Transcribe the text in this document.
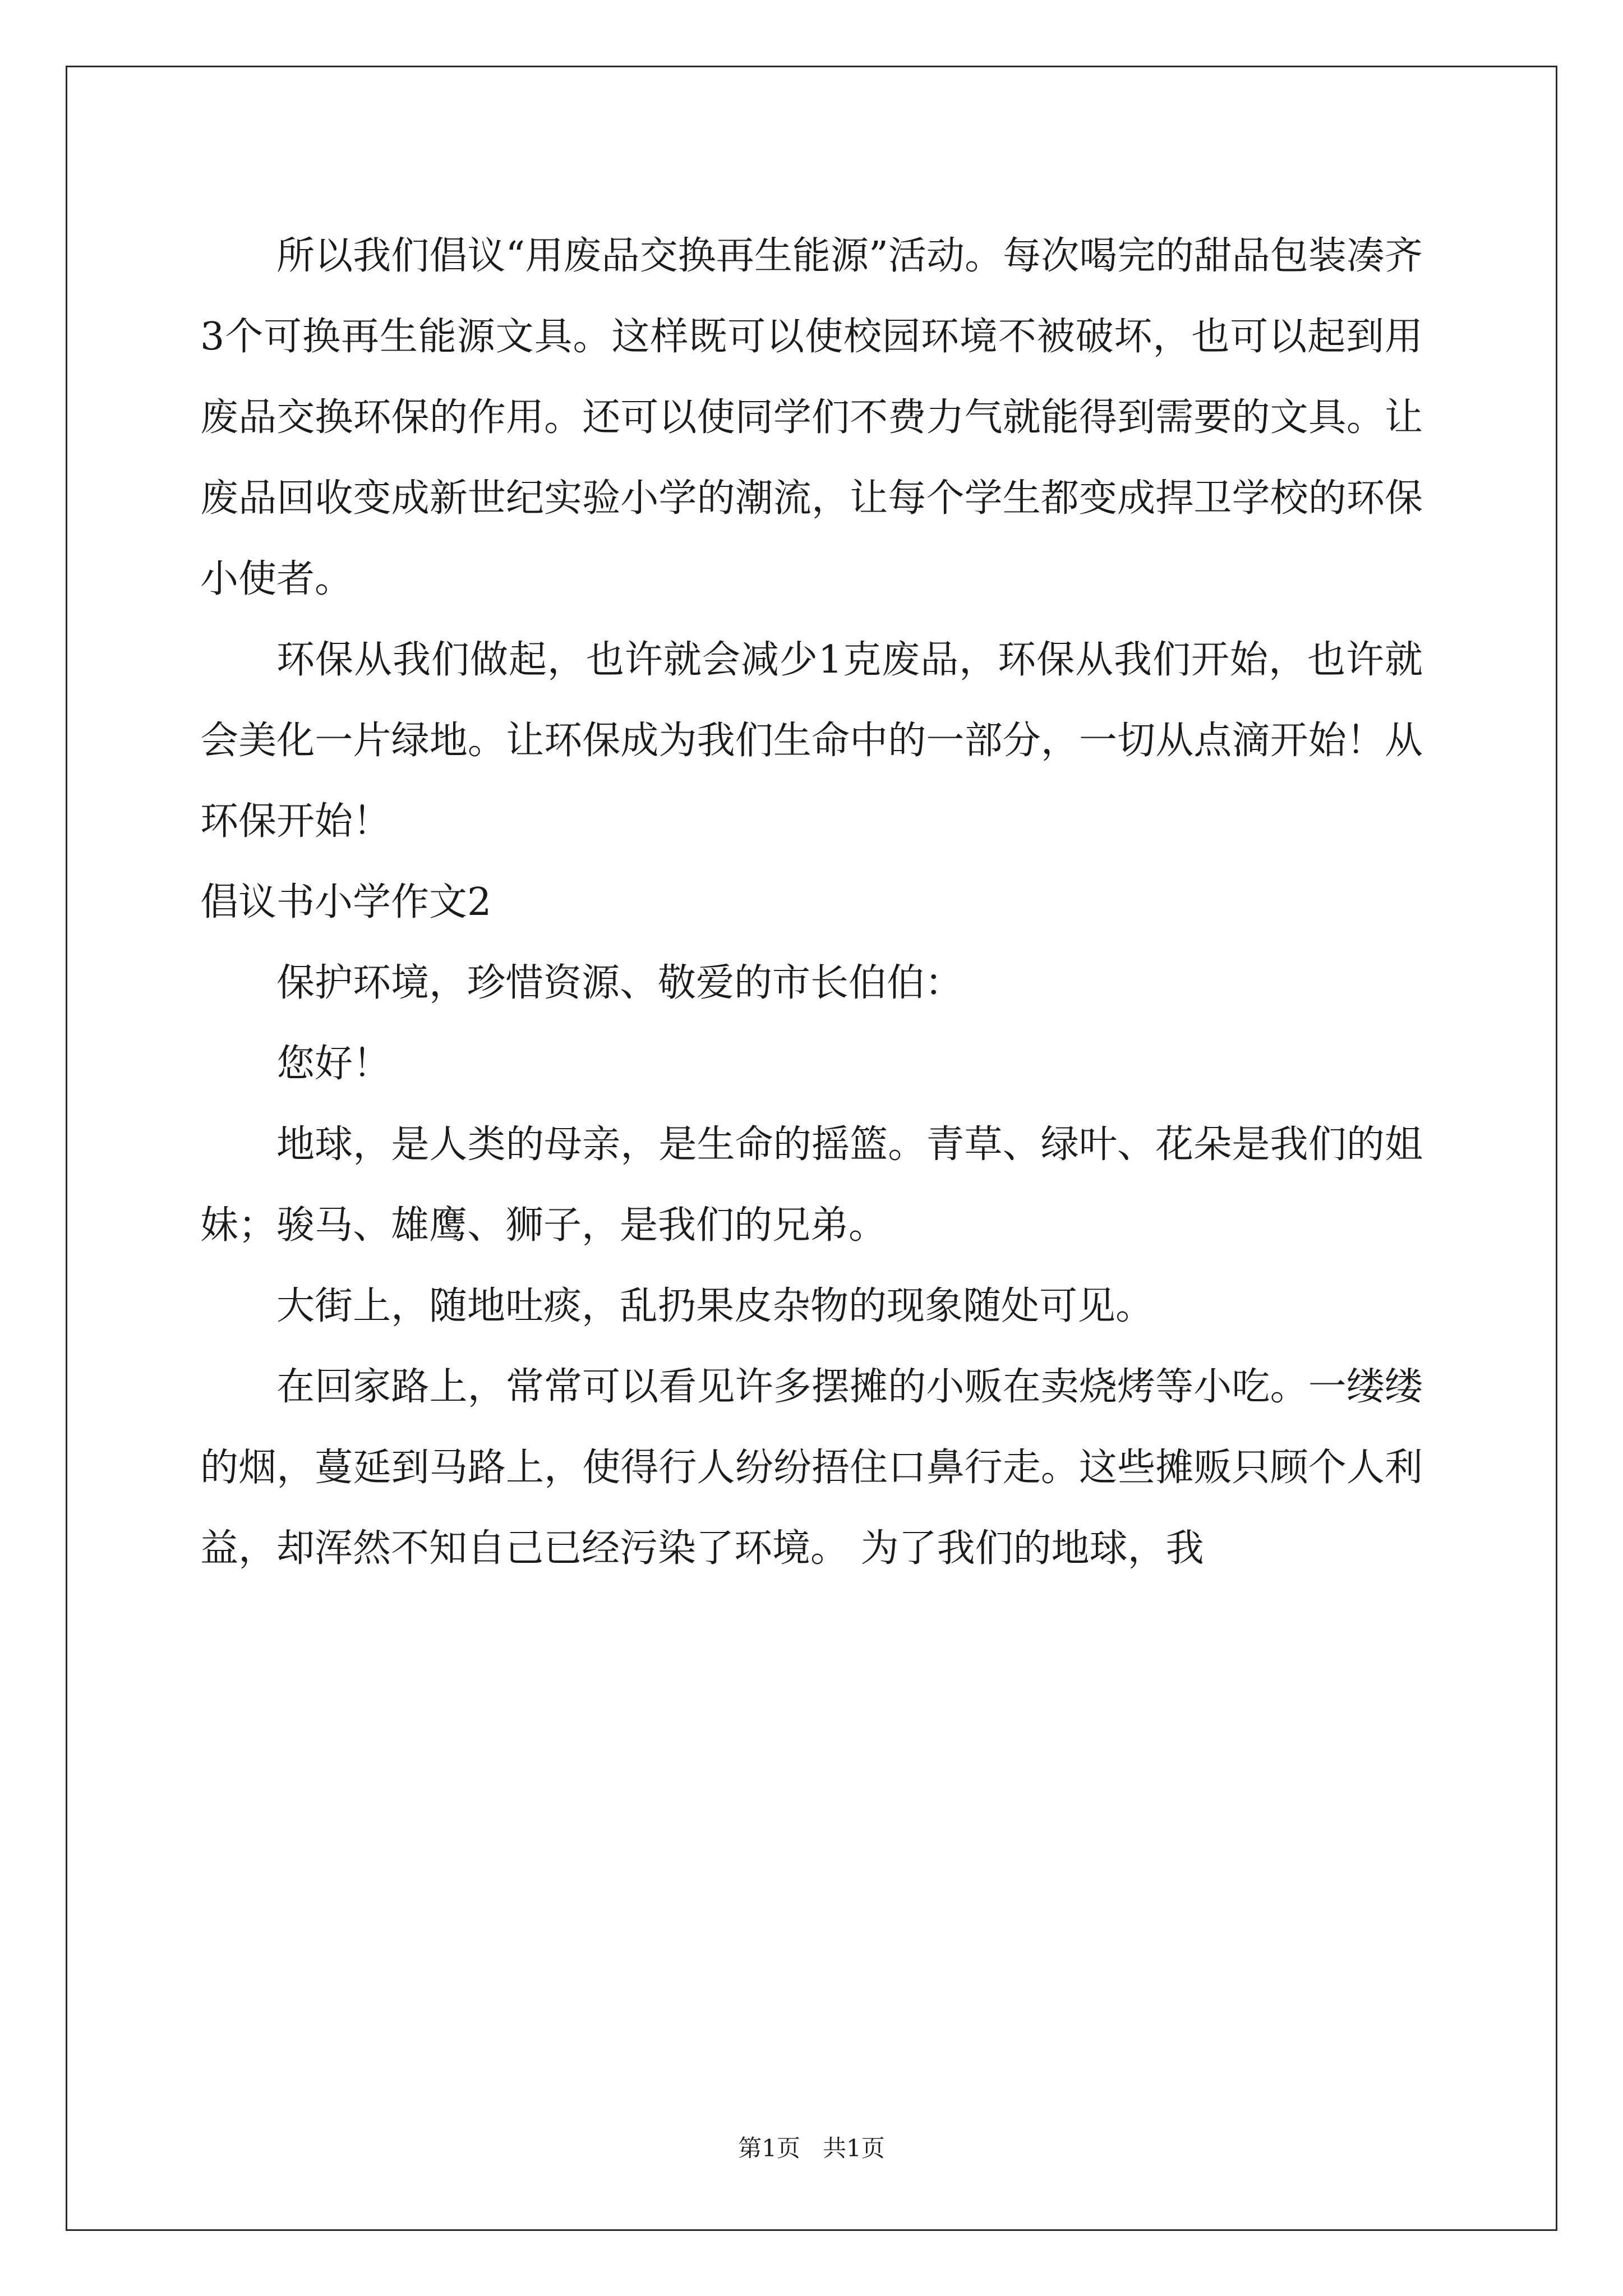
所以我们倡议“用废品交换再生能源”活动。每次喝完的甜品包装凑齐3个可换再生能源文具。这样既可以使校园环境不被破坏，也可以起到用废品交换环保的作用。还可以使同学们不费力气就能得到需要的文具。让废品回收变成新世纪实验小学的潮流，让每个学生都变成捍卫学校的环保小使者。

环保从我们做起，也许就会减少1克废品，环保从我们开始，也许就会美化一片绿地。让环保成为我们生命中的一部分，一切从点滴开始！从环保开始！

倡议书小学作文2

保护环境，珍惜资源、敬爱的市长伯伯：

您好！

地球，是人类的母亲，是生命的摇篮。青草、绿叶、花朵是我们的姐妹；骏马、雄鹰、狮子，是我们的兄弟。

大街上，随地吐痰，乱扔果皮杂物的现象随处可见。

在回家路上，常常可以看见许多摆摊的小贩在卖烧烤等小吃。一缕缕的烟，蔓延到马路上，使得行人纷纷捂住口鼻行走。这些摊贩只顾个人利益，却浑然不知自己已经污染了环境。 为了我们的地球，我

第1页 共1页
